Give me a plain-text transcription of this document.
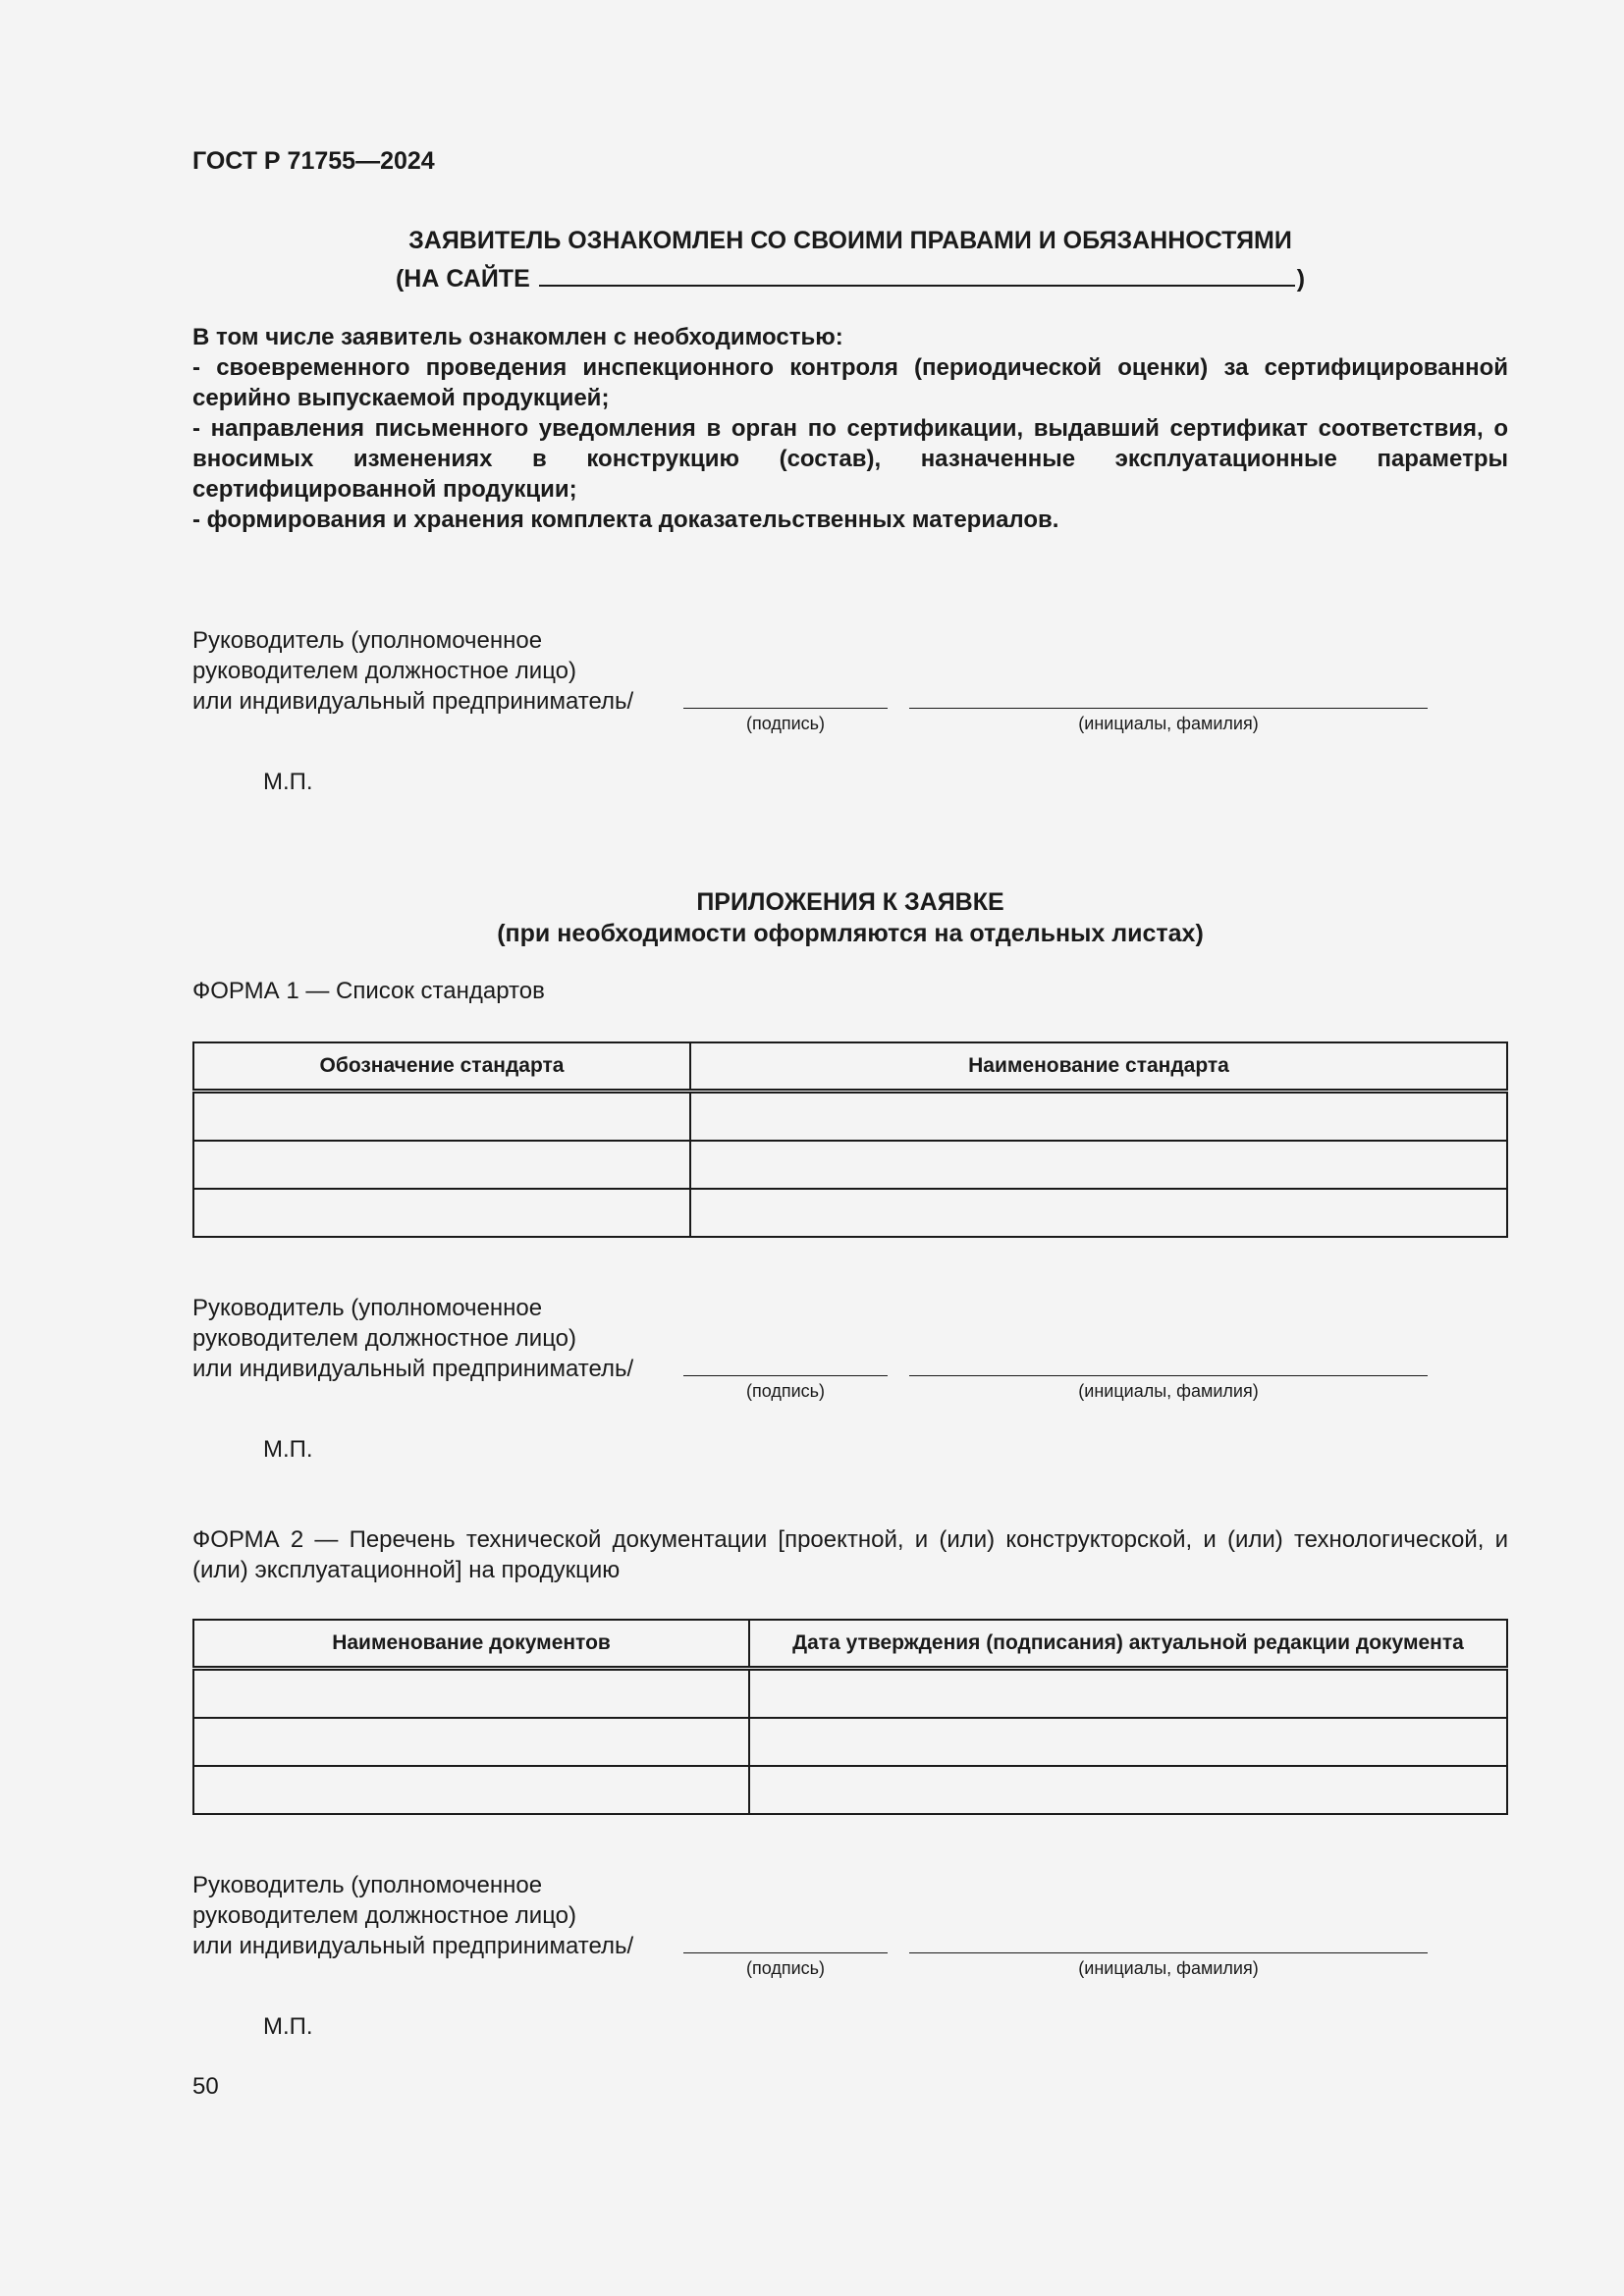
ГОСТ Р 71755—2024
ЗАЯВИТЕЛЬ ОЗНАКОМЛЕН СО СВОИМИ ПРАВАМИ И ОБЯЗАННОСТЯМИ
(НА САЙТЕ	)

В том числе заявитель ознакомлен с необходимостью:

- своевременного проведения инспекционного контроля (периодической оценки) за сертифицированной серийно выпускаемой продукцией;

- направления письменного уведомления в орган по сертификации, выдавший сертификат соответствия, о вносимых изменениях в конструкцию (состав), назначенные эксплуатационные параметры сертифицированной продукции;

- формирования и хранения комплекта доказательственных материалов.

Руководитель (уполномоченное
руководителем должностное лицо)
или индивидуальный предприниматель/
(подпись)	(инициалы, фамилия)
М.П.
ПРИЛОЖЕНИЯ К ЗАЯВКЕ
(при необходимости оформляются на отдельных листах)
ФОРМА 1 — Список стандартов
Обозначение стандарта	Наименование стандарта

Руководитель (уполномоченное
руководителем должностное лицо)
или индивидуальный предприниматель/
(подпись)	(инициалы, фамилия)
М.П.
ФОРМА 2 — Перечень технической документации [проектной, и (или) конструкторской, и (или) технологической, и (или) эксплуатационной] на продукцию
Наименование документов	Дата утверждения (подписания) актуальной редакции документа

Руководитель (уполномоченное
руководителем должностное лицо)
или индивидуальный предприниматель/
(подпись)	(инициалы, фамилия)
М.П.
50
